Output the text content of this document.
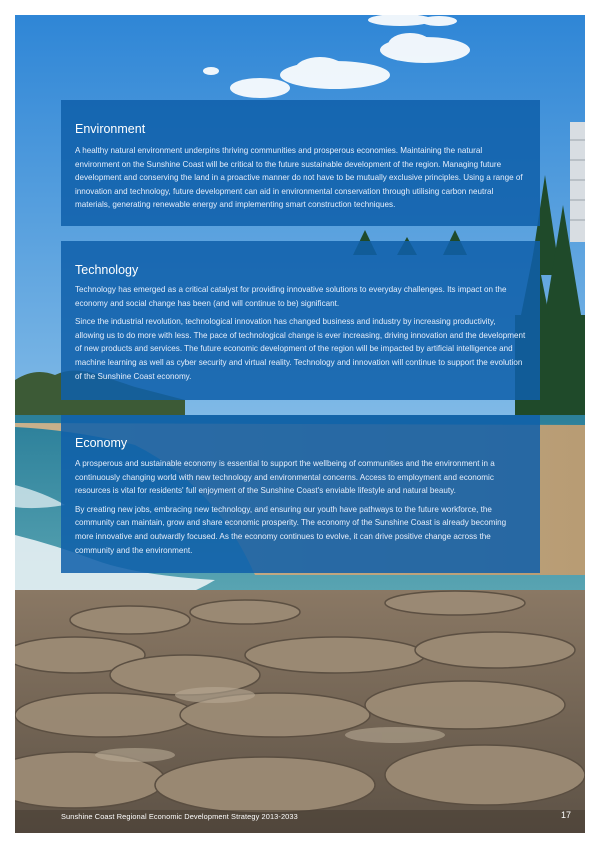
Environment

A healthy natural environment underpins thriving communities and prosperous economies. Maintaining the natural environment on the Sunshine Coast will be critical to the future sustainable development of the region. Managing future development and conserving the land in a proactive manner do not have to be mutually exclusive principles. Using a range of innovation and technology, future development can aid in environmental conservation through utilising carbon neutral materials, generating renewable energy and implementing smart construction techniques.

Technology

Technology has emerged as a critical catalyst for providing innovative solutions to everyday challenges. Its impact on the economy and social change has been (and will continue to be) significant.

Since the industrial revolution, technological innovation has changed business and industry by increasing productivity, allowing us to do more with less. The pace of technological change is ever increasing, driving innovation and the development of new products and services. The future economic development of the region will be impacted by artificial intelligence and machine learning as well as cyber security and virtual reality. Technology and innovation will continue to support the evolution of the Sunshine Coast economy.

Economy

A prosperous and sustainable economy is essential to support the wellbeing of communities and the environment in a continuously changing world with new technology and environmental concerns. Access to employment and economic resources is vital for residents' full enjoyment of the Sunshine Coast's enviable lifestyle and natural beauty.

By creating new jobs, embracing new technology, and ensuring our youth have pathways to the future workforce, the community can maintain, grow and share economic prosperity. The economy of the Sunshine Coast is already becoming more innovative and outwardly focused. As the economy continues to evolve, it can drive positive change across the community and the environment.

Sunshine Coast Regional Economic Development Strategy 2013-2033	17
